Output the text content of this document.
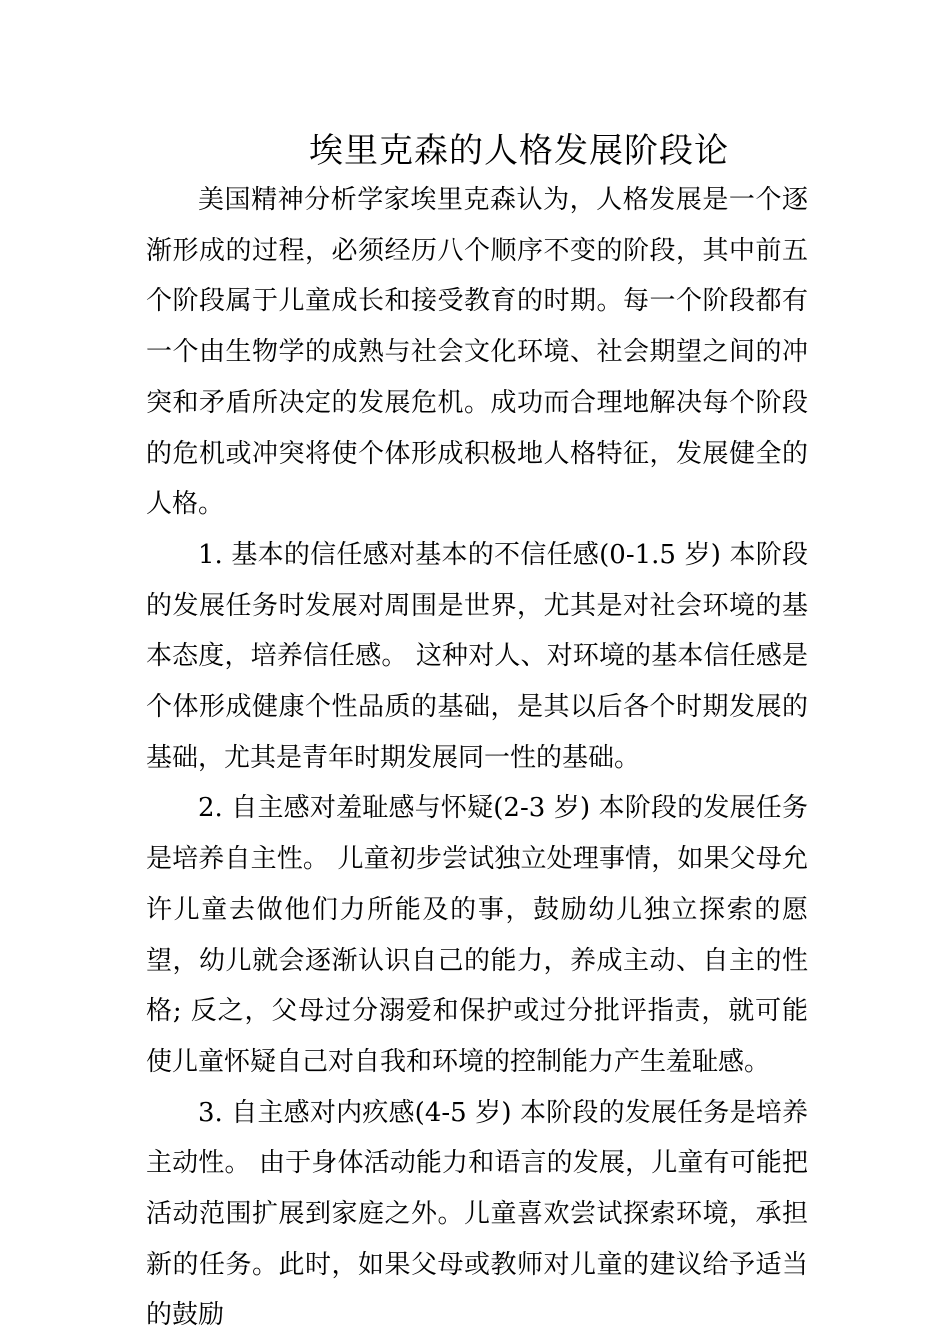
埃里克森的人格发展阶段论

美国精神分析学家埃里克森认为，人格发展是一个逐渐形成的过程，必须经历八个顺序不变的阶段，其中前五个阶段属于儿童成长和接受教育的时期。每一个阶段都有一个由生物学的成熟与社会文化环境、社会期望之间的冲突和矛盾所决定的发展危机。成功而合理地解决每个阶段的危机或冲突将使个体形成积极地人格特征，发展健全的人格。

1. 基本的信任感对基本的不信任感(0-1.5 岁) 本阶段的发展任务时发展对周围是世界，尤其是对社会环境的基本态度，培养信任感。 这种对人、对环境的基本信任感是个体形成健康个性品质的基础，是其以后各个时期发展的基础，尤其是青年时期发展同一性的基础。

2. 自主感对羞耻感与怀疑(2-3 岁) 本阶段的发展任务是培养自主性。 儿童初步尝试独立处理事情，如果父母允许儿童去做他们力所能及的事，鼓励幼儿独立探索的愿望，幼儿就会逐渐认识自己的能力，养成主动、自主的性格; 反之，父母过分溺爱和保护或过分批评指责，就可能使儿童怀疑自己对自我和环境的控制能力产生羞耻感。

3. 自主感对内疚感(4-5 岁) 本阶段的发展任务是培养主动性。 由于身体活动能力和语言的发展，儿童有可能把活动范围扩展到家庭之外。儿童喜欢尝试探索环境，承担新的任务。此时，如果父母或教师对儿童的建议给予适当的鼓励
